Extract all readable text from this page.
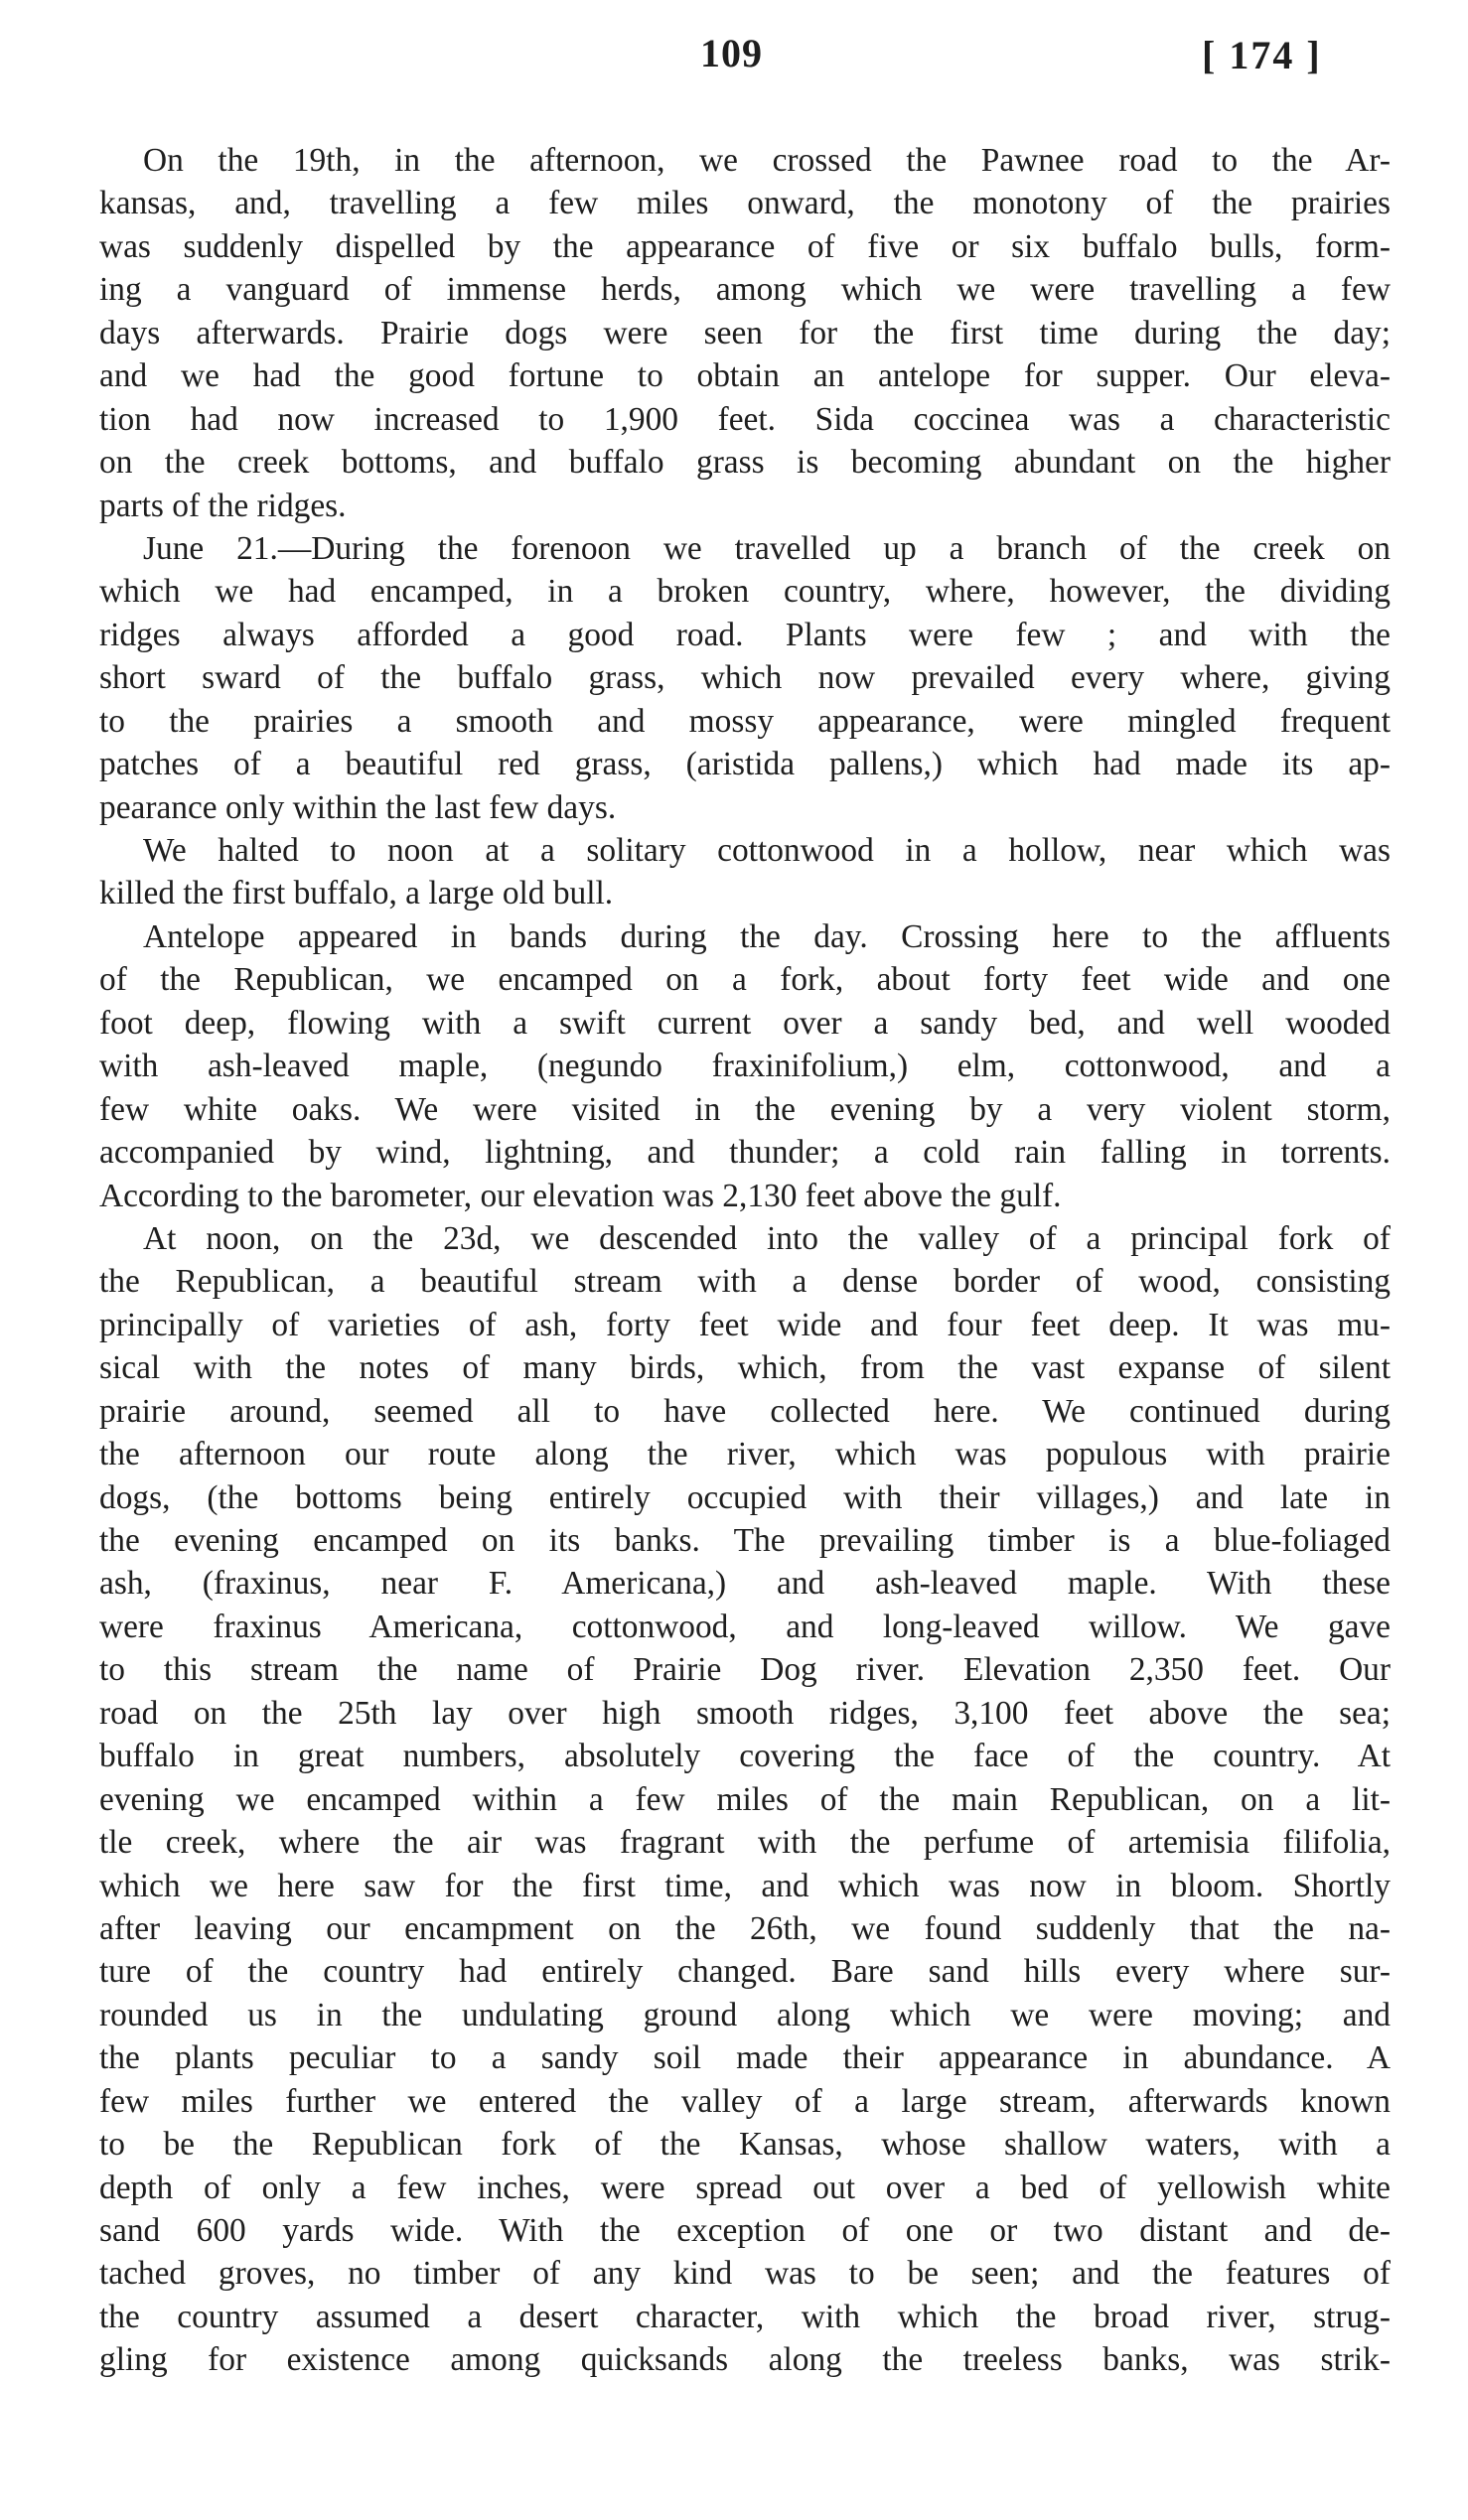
109	[ 174 ]
On the 19th, in the afternoon, we crossed the Pawnee road to the Ar-
kansas, and, travelling a few miles onward, the monotony of the prairies
was suddenly dispelled by the appearance of five or six buffalo bulls, form-
ing a vanguard of immense herds, among which we were travelling a few
days afterwards. Prairie dogs were seen for the first time during the day;
and we had the good fortune to obtain an antelope for supper. Our eleva-
tion had now increased to 1,900 feet. Sida coccinea was a characteristic
on the creek bottoms, and buffalo grass is becoming abundant on the higher
parts of the ridges.
June 21.—During the forenoon we travelled up a branch of the creek on
which we had encamped, in a broken country, where, however, the dividing
ridges always afforded a good road. Plants were few ; and with the
short sward of the buffalo grass, which now prevailed every where, giving
to the prairies a smooth and mossy appearance, were mingled frequent
patches of a beautiful red grass, (aristida pallens,) which had made its ap-
pearance only within the last few days.
We halted to noon at a solitary cottonwood in a hollow, near which was
killed the first buffalo, a large old bull.
Antelope appeared in bands during the day. Crossing here to the affluents
of the Republican, we encamped on a fork, about forty feet wide and one
foot deep, flowing with a swift current over a sandy bed, and well wooded
with ash-leaved maple, (negundo fraxinifolium,) elm, cottonwood, and a
few white oaks. We were visited in the evening by a very violent storm,
accompanied by wind, lightning, and thunder; a cold rain falling in torrents.
According to the barometer, our elevation was 2,130 feet above the gulf.
At noon, on the 23d, we descended into the valley of a principal fork of
the Republican, a beautiful stream with a dense border of wood, consisting
principally of varieties of ash, forty feet wide and four feet deep. It was mu-
sical with the notes of many birds, which, from the vast expanse of silent
prairie around, seemed all to have collected here. We continued during
the afternoon our route along the river, which was populous with prairie
dogs, (the bottoms being entirely occupied with their villages,) and late in
the evening encamped on its banks. The prevailing timber is a blue-foliaged
ash, (fraxinus, near F. Americana,) and ash-leaved maple. With these
were fraxinus Americana, cottonwood, and long-leaved willow. We gave
to this stream the name of Prairie Dog river. Elevation 2,350 feet. Our
road on the 25th lay over high smooth ridges, 3,100 feet above the sea;
buffalo in great numbers, absolutely covering the face of the country. At
evening we encamped within a few miles of the main Republican, on a lit-
tle creek, where the air was fragrant with the perfume of artemisia filifolia,
which we here saw for the first time, and which was now in bloom. Shortly
after leaving our encampment on the 26th, we found suddenly that the na-
ture of the country had entirely changed. Bare sand hills every where sur-
rounded us in the undulating ground along which we were moving; and
the plants peculiar to a sandy soil made their appearance in abundance. A
few miles further we entered the valley of a large stream, afterwards known
to be the Republican fork of the Kansas, whose shallow waters, with a
depth of only a few inches, were spread out over a bed of yellowish white
sand 600 yards wide. With the exception of one or two distant and de-
tached groves, no timber of any kind was to be seen; and the features of
the country assumed a desert character, with which the broad river, strug-
gling for existence among quicksands along the treeless banks, was strik-
